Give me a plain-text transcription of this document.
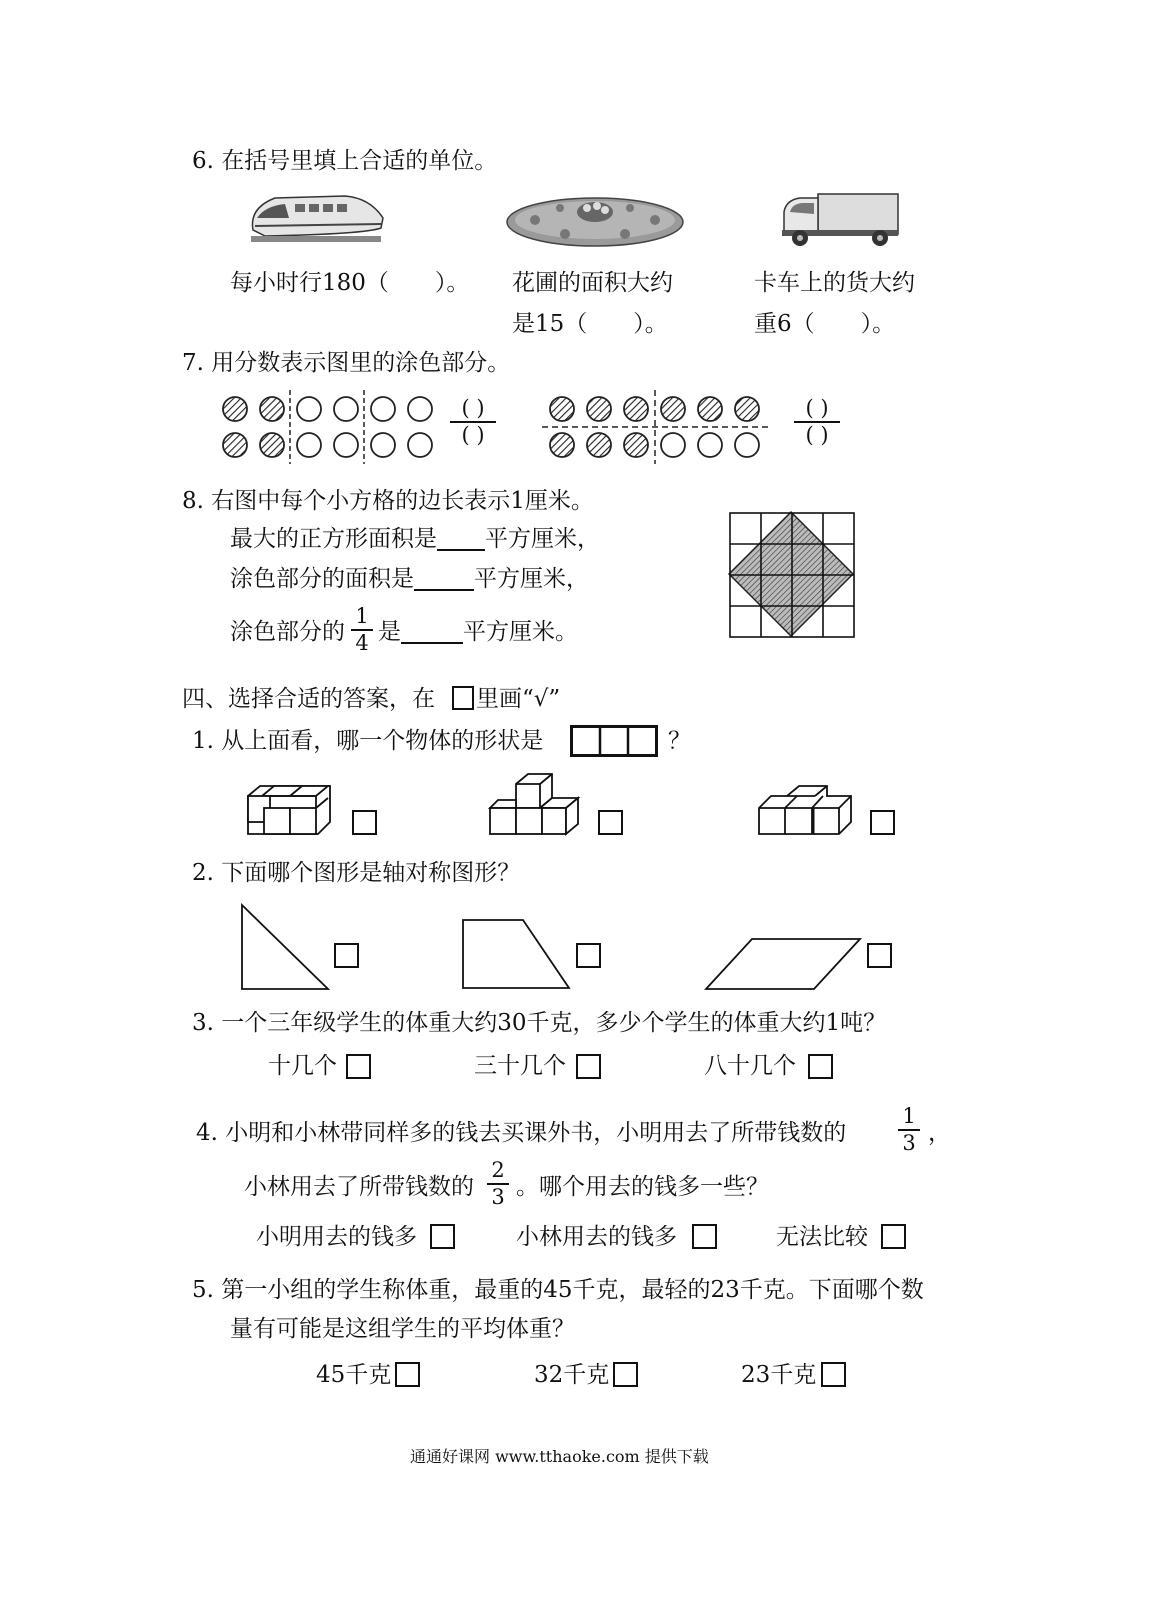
6. 在括号里填上合适的单位。
每小时行180（　　）。 花圃的面积大约
是15（　　）。
卡车上的货大约
重6（　　）。
7. 用分数表示图里的涂色部分。
( )
( )
( )
( )
8. 右图中每个小方格的边长表示1厘米。
最大的正方形面积是 平方厘米，
涂色部分的面积是	平方厘米，
涂色部分的
1
4 是	平方厘米。
四、选择合适的答案，在 里画“√”
1. 从上面看，哪一个物体的形状是	？
2. 下面哪个图形是轴对称图形？
3. 一个三年级学生的体重大约30千克，多少个学生的体重大约1吨？
十几个	三十几个	八十几个
4. 小明和小林带同样多的钱去买课外书，小明用去了所带钱数的
1
3 ，
小林用去了所带钱数的
2
3 。哪个用去的钱多一些？
小明用去的钱多	小林用去的钱多	无法比较
5. 第一小组的学生称体重，最重的45千克，最轻的23千克。下面哪个数
量有可能是这组学生的平均体重？
45千克	32千克	23千克
通通好课网 www.tthaoke.com 提供下载
